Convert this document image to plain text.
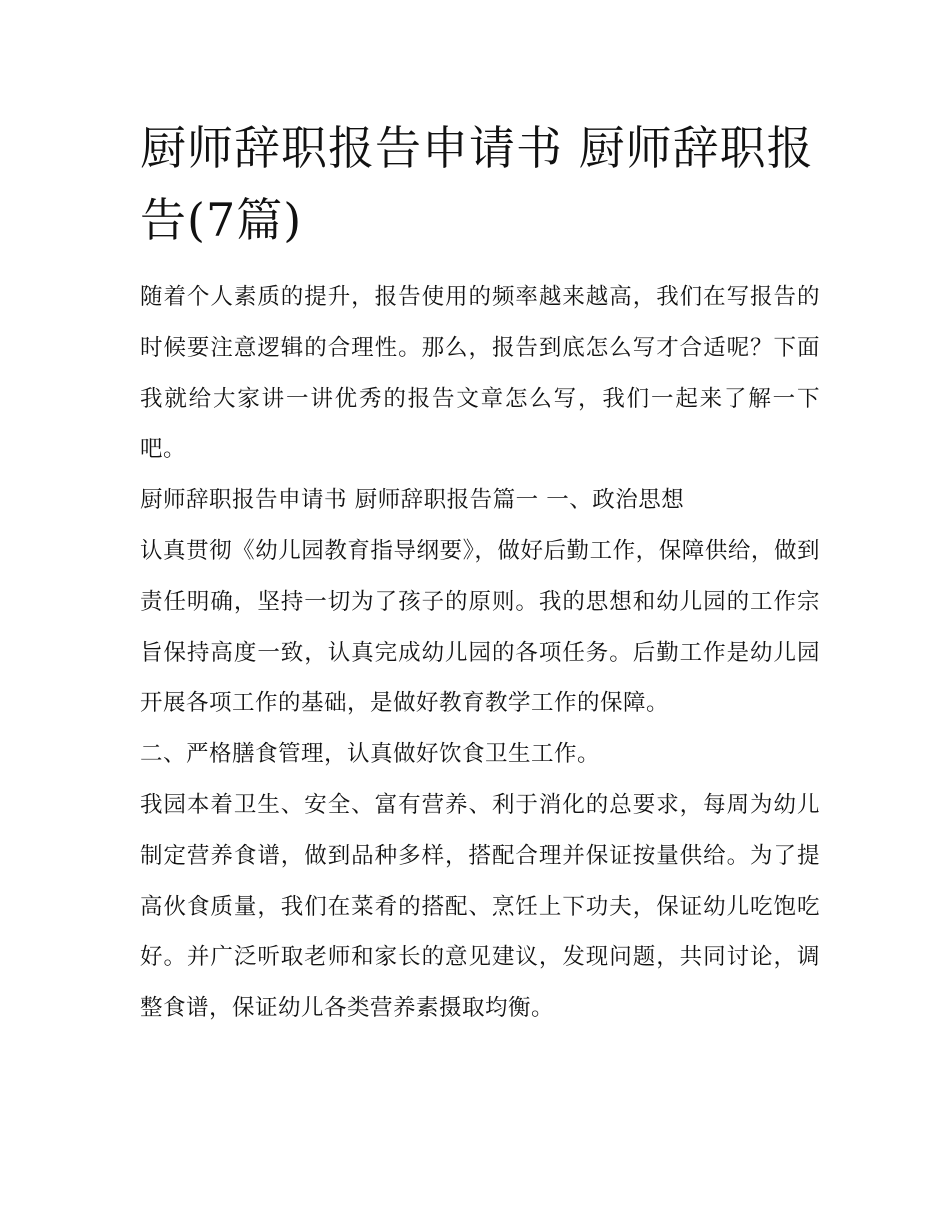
厨师辞职报告申请书 厨师辞职报告(7篇)

随着个人素质的提升，报告使用的频率越来越高，我们在写报告的时候要注意逻辑的合理性。那么，报告到底怎么写才合适呢？下面我就给大家讲一讲优秀的报告文章怎么写，我们一起来了解一下吧。

厨师辞职报告申请书 厨师辞职报告篇一 一、政治思想

认真贯彻《幼儿园教育指导纲要》，做好后勤工作，保障供给，做到责任明确，坚持一切为了孩子的原则。我的思想和幼儿园的工作宗旨保持高度一致，认真完成幼儿园的各项任务。后勤工作是幼儿园开展各项工作的基础，是做好教育教学工作的保障。

二、严格膳食管理，认真做好饮食卫生工作。

我园本着卫生、安全、富有营养、利于消化的总要求，每周为幼儿制定营养食谱，做到品种多样，搭配合理并保证按量供给。为了提高伙食质量，我们在菜肴的搭配、烹饪上下功夫，保证幼儿吃饱吃好。并广泛听取老师和家长的意见建议，发现问题，共同讨论，调整食谱，保证幼儿各类营养素摄取均衡。
